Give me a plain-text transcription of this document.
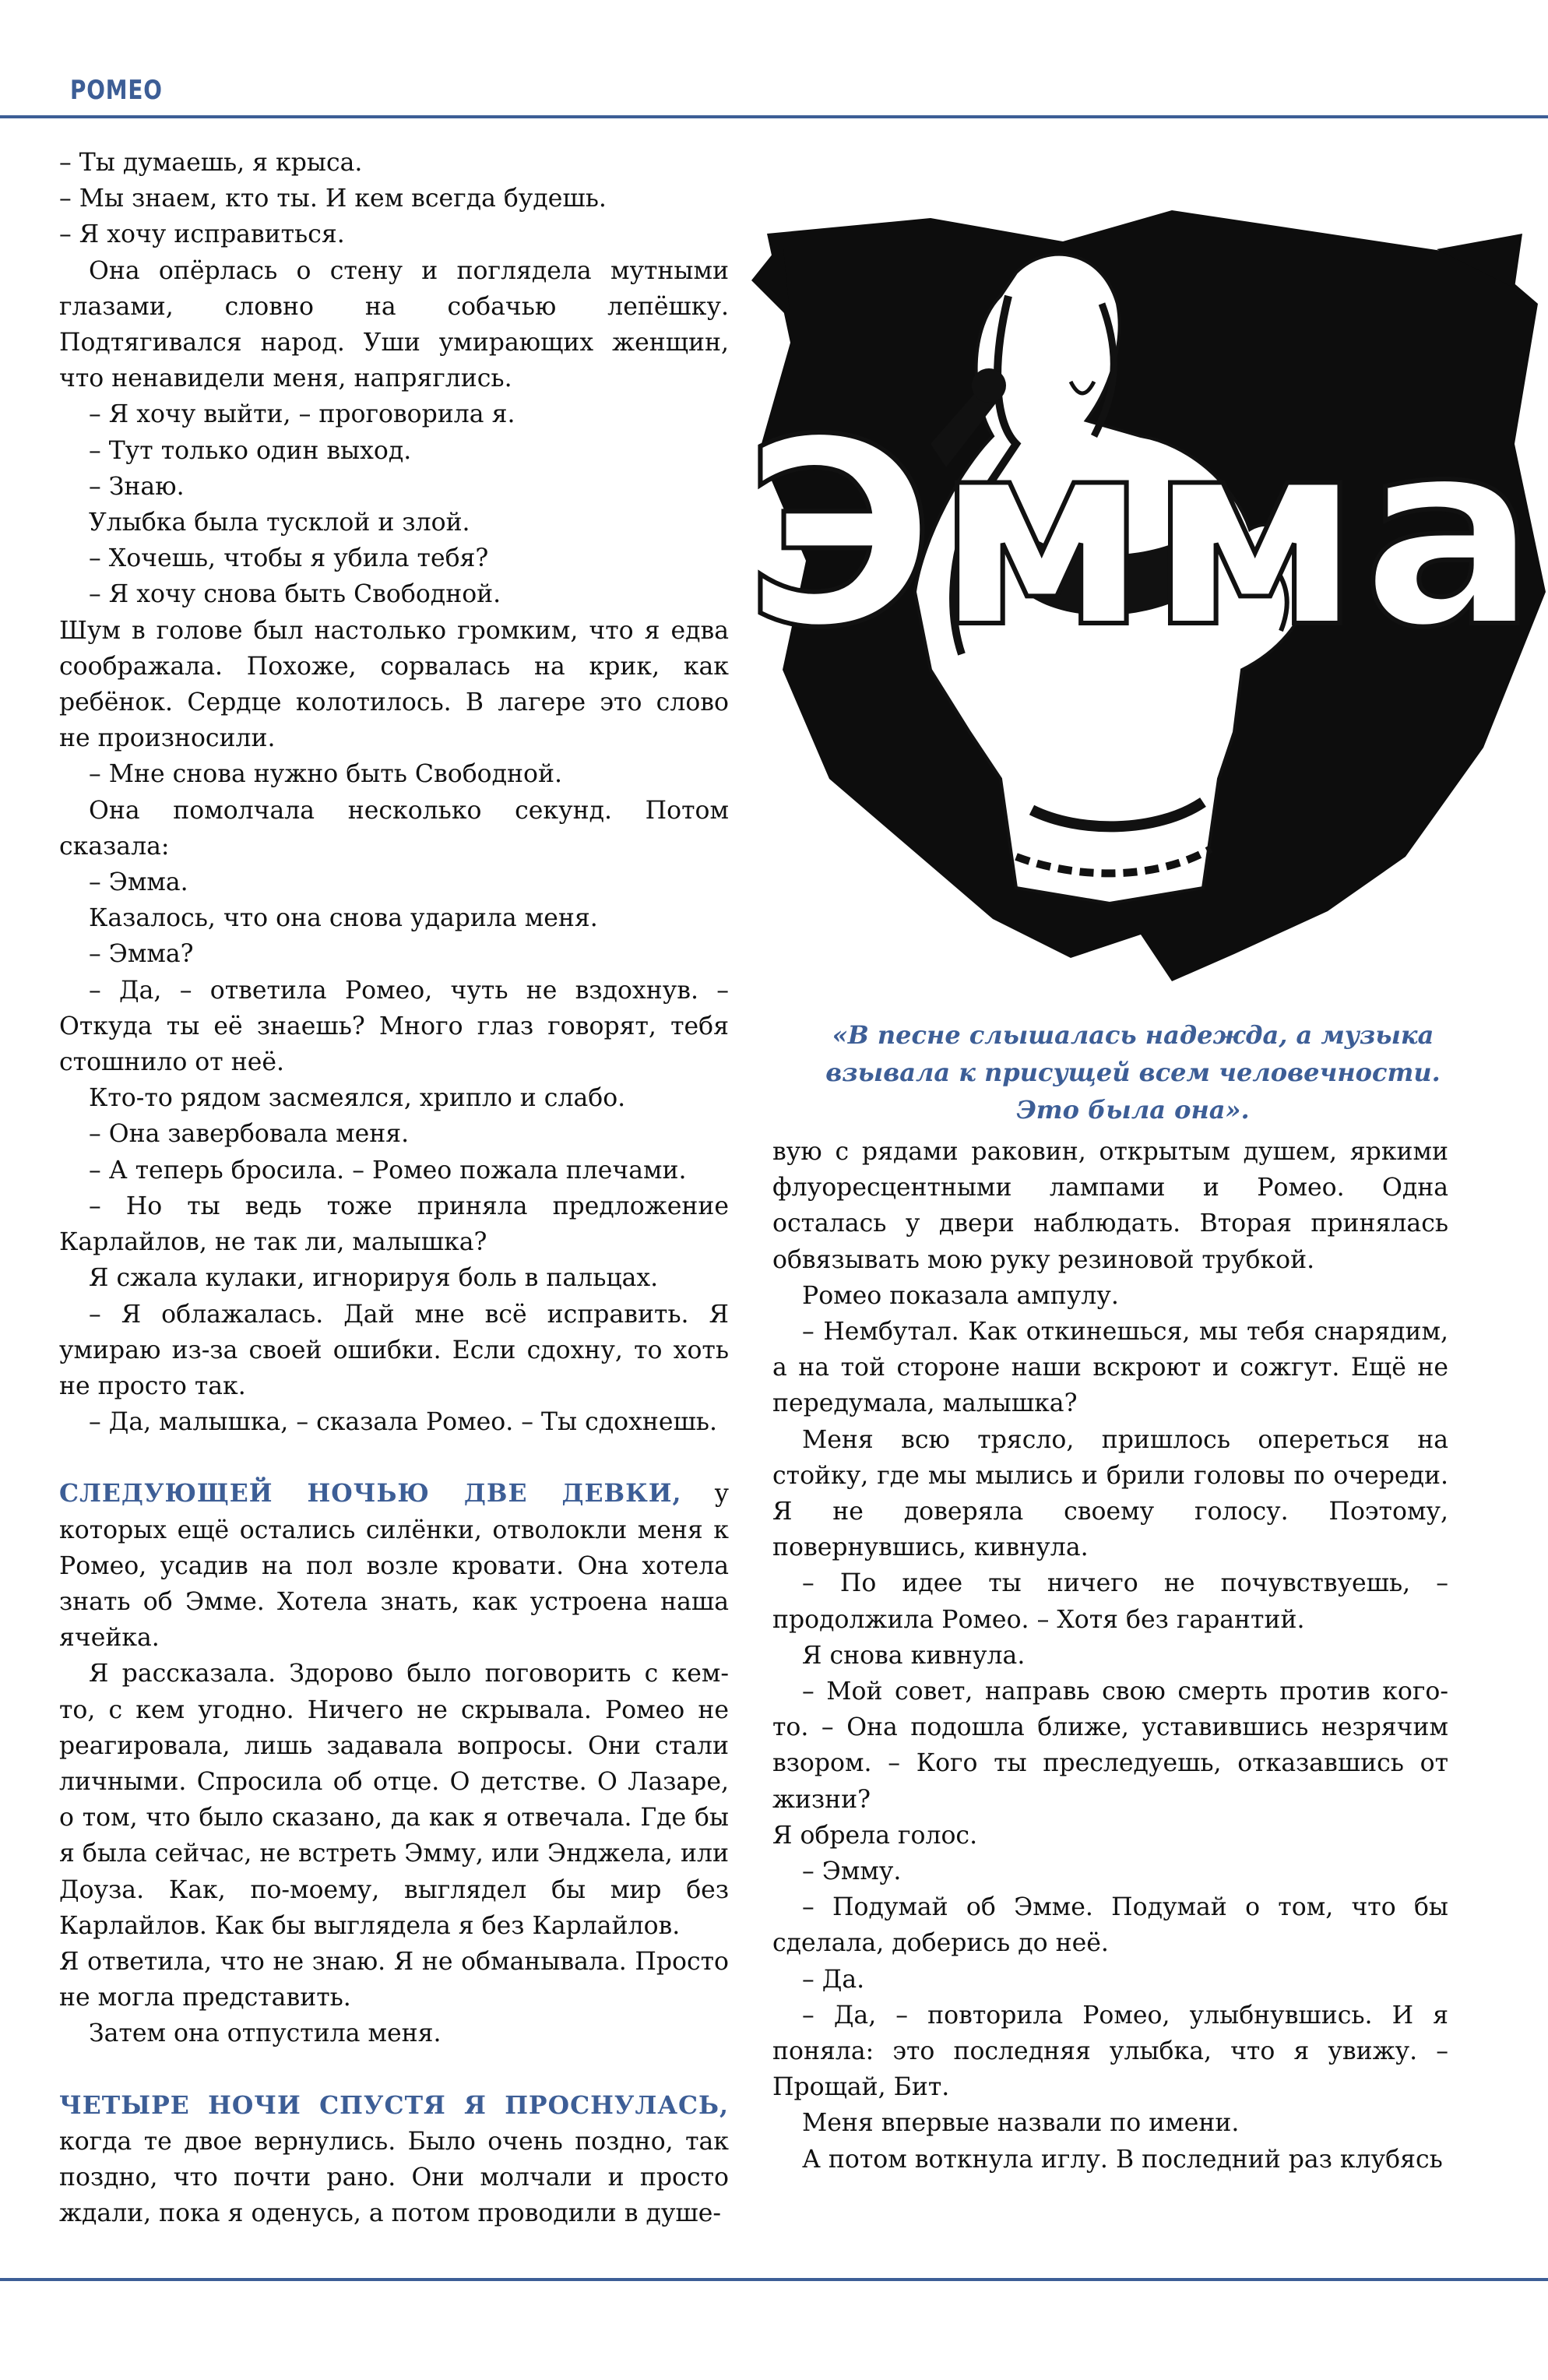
РОМЕО

– Ты думаешь, я крыса.

– Мы знаем, кто ты. И кем всегда будешь.

– Я хочу исправиться.

Она опёрлась о стену и поглядела мутными глазами, словно на собачью лепёшку. Подтягивался народ. Уши умирающих женщин, что ненавидели меня, напряглись.

– Я хочу выйти, – проговорила я.

– Тут только один выход.

– Знаю.

Улыбка была тусклой и злой.

– Хочешь, чтобы я убила тебя?

– Я хочу снова быть Свободной.

Шум в голове был настолько громким, что я едва соображала. Похоже, сорвалась на крик, как ребёнок. Сердце колотилось. В лагере это слово не произносили.

– Мне снова нужно быть Свободной.

Она помолчала несколько секунд. Потом сказала:

– Эмма.

Казалось, что она снова ударила меня.

– Эмма?

– Да, – ответила Ромео, чуть не вздохнув. – Откуда ты её знаешь? Много глаз говорят, тебя стошнило от неё.

Кто-то рядом засмеялся, хрипло и слабо.

– Она завербовала меня.

– А теперь бросила. – Ромео пожала плечами.

– Но ты ведь тоже приняла предложение Карлайлов, не так ли, малышка?

Я сжала кулаки, игнорируя боль в пальцах.

– Я облажалась. Дай мне всё исправить. Я умираю из-за своей ошибки. Если сдохну, то хоть не просто так.

– Да, малышка, – сказала Ромео. – Ты сдохнешь.

СЛЕДУЮЩЕЙ НОЧЬЮ ДВЕ ДЕВКИ, у которых ещё остались силёнки, отволокли меня к Ромео, усадив на пол возле кровати. Она хотела знать об Эмме. Хотела знать, как устроена наша ячейка.

Я рассказала. Здорово было поговорить с кем-то, с кем угодно. Ничего не скрывала. Ромео не реагировала, лишь задавала вопросы. Они стали личными. Спросила об отце. О детстве. О Лазаре, о том, что было сказано, да как я отвечала. Где бы я была сейчас, не встреть Эмму, или Энджела, или Доуза. Как, по-моему, выглядел бы мир без Карлайлов. Как бы выглядела я без Карлайлов.

Я ответила, что не знаю. Я не обманывала. Просто не могла представить.

Затем она отпустила меня.

ЧЕТЫРЕ НОЧИ СПУСТЯ Я ПРОСНУЛАСЬ, когда те двое вернулись. Было очень поздно, так поздно, что почти рано. Они молчали и просто ждали, пока я оденусь, а потом проводили в душе-

Эмма
«В песне слышалась надежда, а музыка
взывала к присущей всем человечности.
Это была она».

вую с рядами раковин, открытым душем, яркими флуоресцентными лампами и Ромео. Одна осталась у двери наблюдать. Вторая принялась обвязывать мою руку резиновой трубкой.

Ромео показала ампулу.

– Нембутал. Как откинешься, мы тебя снарядим, а на той стороне наши вскроют и сожгут. Ещё не передумала, малышка?

Меня всю трясло, пришлось опереться на стойку, где мы мылись и брили головы по очереди. Я не доверяла своему голосу. Поэтому, повернувшись, кивнула.

– По идее ты ничего не почувствуешь, – продолжила Ромео. – Хотя без гарантий.

Я снова кивнула.

– Мой совет, направь свою смерть против кого-то. – Она подошла ближе, уставившись незрячим взором. – Кого ты преследуешь, отказавшись от жизни?

Я обрела голос.

– Эмму.

– Подумай об Эмме. Подумай о том, что бы сделала, доберись до неё.

– Да.

– Да, – повторила Ромео, улыбнувшись. И я поняла: это последняя улыбка, что я увижу. – Прощай, Бит.

Меня впервые назвали по имени.

А потом воткнула иглу. В последний раз клубясь
